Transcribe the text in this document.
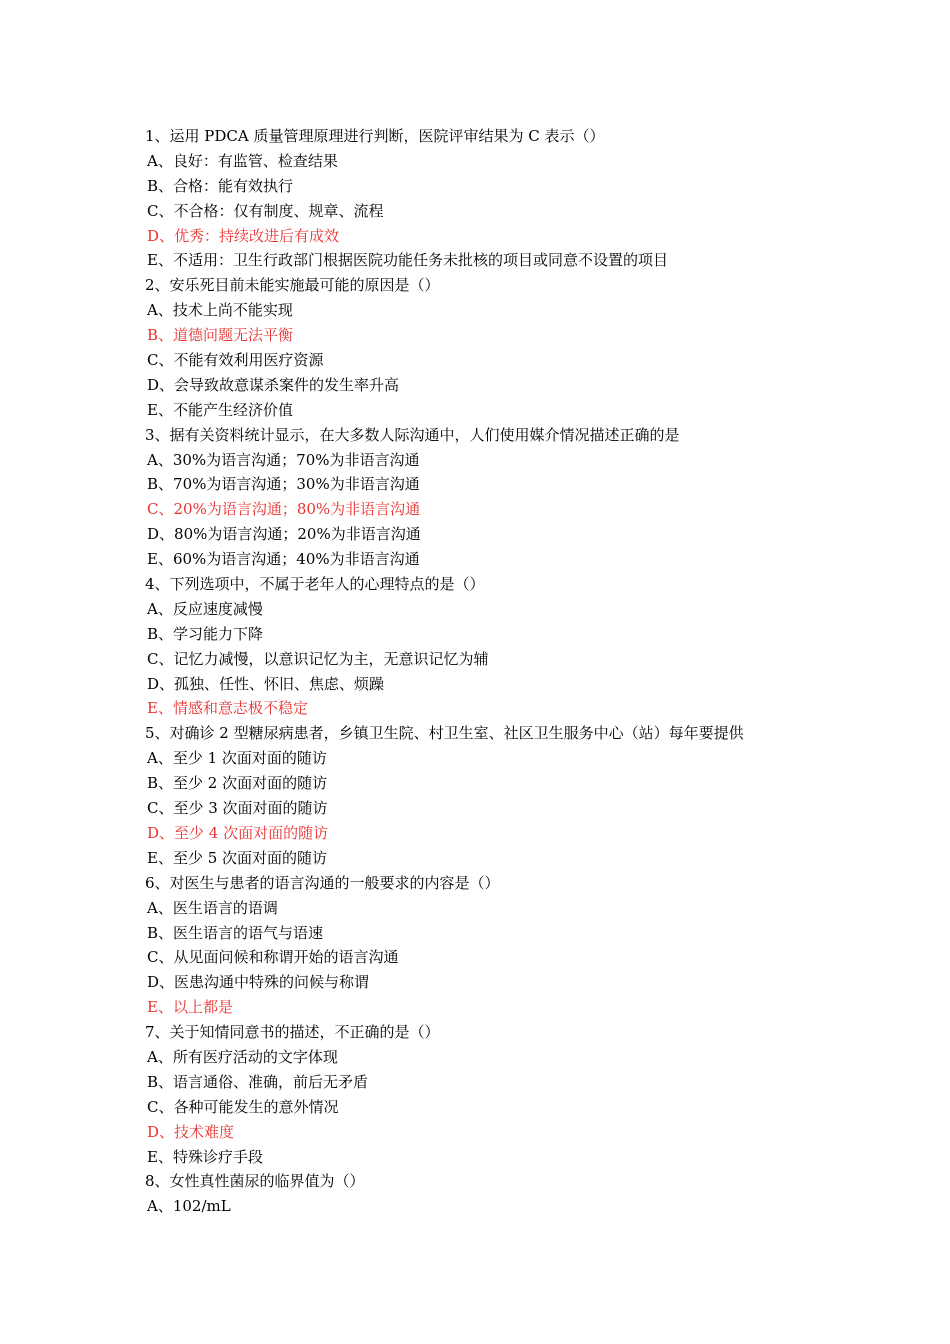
1、运用 PDCA 质量管理原理进行判断，医院评审结果为 C 表示（）
A、良好：有监管、检查结果
B、合格：能有效执行
C、不合格：仅有制度、规章、流程
D、优秀：持续改进后有成效
E、不适用：卫生行政部门根据医院功能任务未批核的项目或同意不设置的项目
2、安乐死目前未能实施最可能的原因是（）
A、技术上尚不能实现
B、道德问题无法平衡
C、不能有效利用医疗资源
D、会导致故意谋杀案件的发生率升高
E、不能产生经济价值
3、据有关资料统计显示，在大多数人际沟通中，人们使用媒介情况描述正确的是
A、30%为语言沟通；70%为非语言沟通
B、70%为语言沟通；30%为非语言沟通
C、20%为语言沟通；80%为非语言沟通
D、80%为语言沟通；20%为非语言沟通
E、60%为语言沟通；40%为非语言沟通
4、下列选项中，不属于老年人的心理特点的是（）
A、反应速度减慢
B、学习能力下降
C、记忆力减慢，以意识记忆为主，无意识记忆为辅
D、孤独、任性、怀旧、焦虑、烦躁
E、情感和意志极不稳定
5、对确诊 2 型糖尿病患者，乡镇卫生院、村卫生室、社区卫生服务中心（站）每年要提供
A、至少 1 次面对面的随访
B、至少 2 次面对面的随访
C、至少 3 次面对面的随访
D、至少 4 次面对面的随访
E、至少 5 次面对面的随访
6、对医生与患者的语言沟通的一般要求的内容是（）
A、医生语言的语调
B、医生语言的语气与语速
C、从见面问候和称谓开始的语言沟通
D、医患沟通中特殊的问候与称谓
E、以上都是
7、关于知情同意书的描述，不正确的是（）
A、所有医疗活动的文字体现
B、语言通俗、准确，前后无矛盾
C、各种可能发生的意外情况
D、技术难度
E、特殊诊疗手段
8、女性真性菌尿的临界值为（）
A、102/mL
